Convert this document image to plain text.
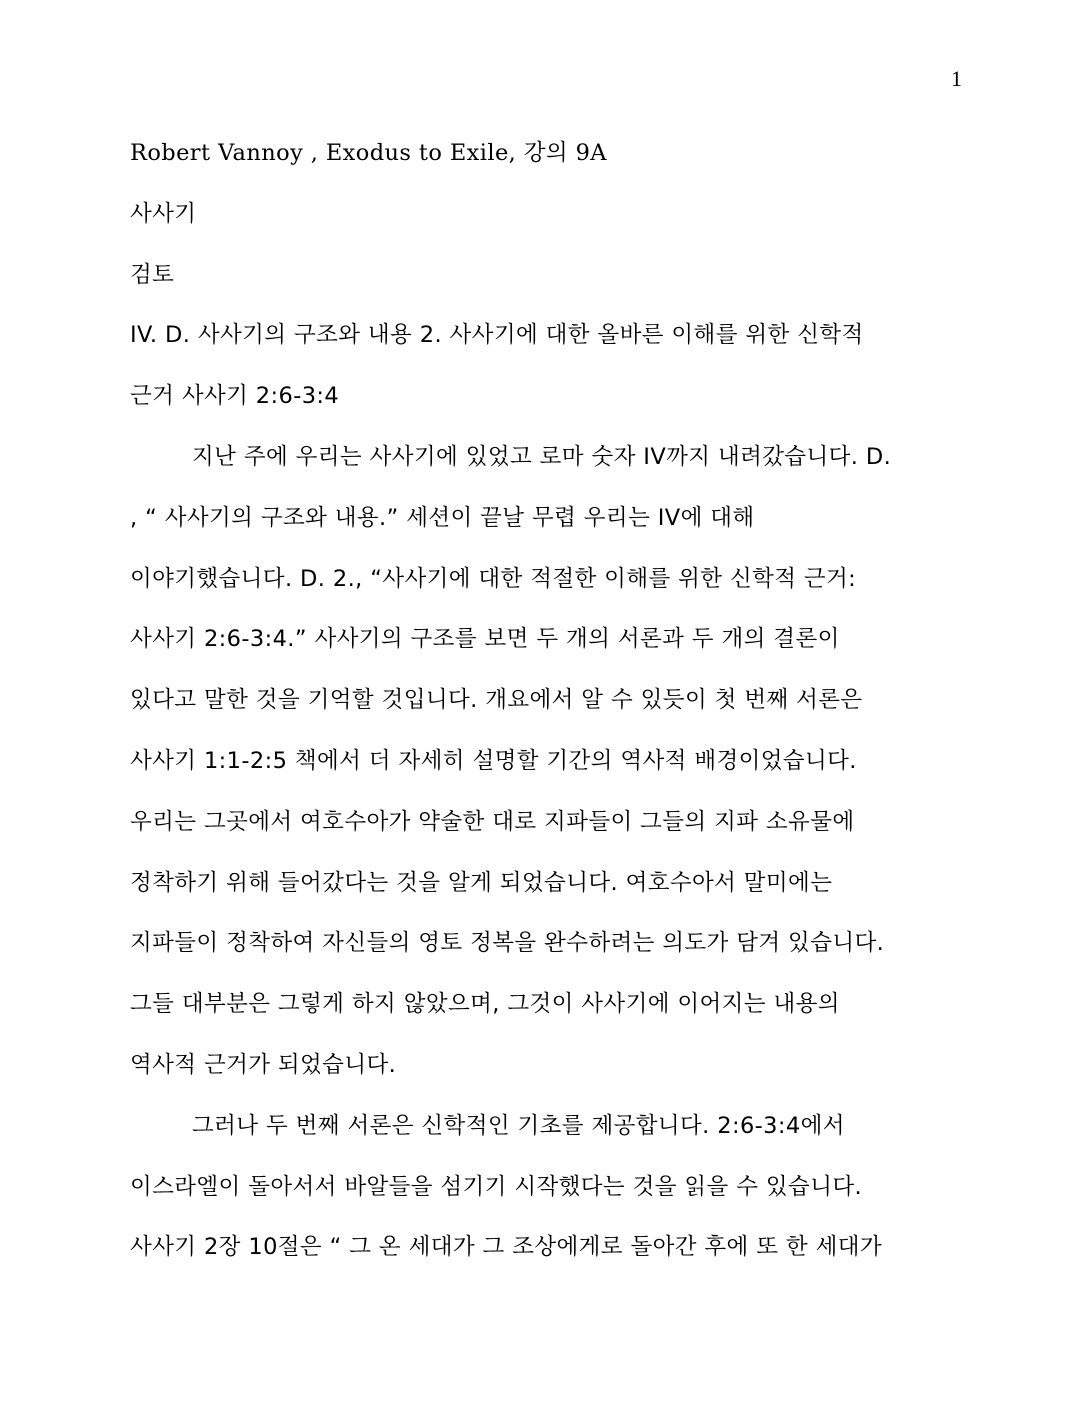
1
Robert Vannoy , Exodus to Exile, 강의 9A
사사기
검토
IV. D. 사사기의 구조와 내용 2. 사사기에 대한 올바른 이해를 위한 신학적
근거 사사기 2:6-3:4
지난 주에 우리는 사사기에 있었고 로마 숫자 IV까지 내려갔습니다. D.
, “ 사사기의 구조와 내용.” 세션이 끝날 무렵 우리는 IV에 대해
이야기했습니다. D. 2., “사사기에 대한 적절한 이해를 위한 신학적 근거:
사사기 2:6-3:4.” 사사기의 구조를 보면 두 개의 서론과 두 개의 결론이
있다고 말한 것을 기억할 것입니다. 개요에서 알 수 있듯이 첫 번째 서론은
사사기 1:1-2:5 책에서 더 자세히 설명할 기간의 역사적 배경이었습니다.
우리는 그곳에서 여호수아가 약술한 대로 지파들이 그들의 지파 소유물에
정착하기 위해 들어갔다는 것을 알게 되었습니다. 여호수아서 말미에는
지파들이 정착하여 자신들의 영토 정복을 완수하려는 의도가 담겨 있습니다.
그들 대부분은 그렇게 하지 않았으며, 그것이 사사기에 이어지는 내용의
역사적 근거가 되었습니다.
그러나 두 번째 서론은 신학적인 기초를 제공합니다. 2:6-3:4에서
이스라엘이 돌아서서 바알들을 섬기기 시작했다는 것을 읽을 수 있습니다.
사사기 2장 10절은 “ 그 온 세대가 그 조상에게로 돌아간 후에 또 한 세대가
